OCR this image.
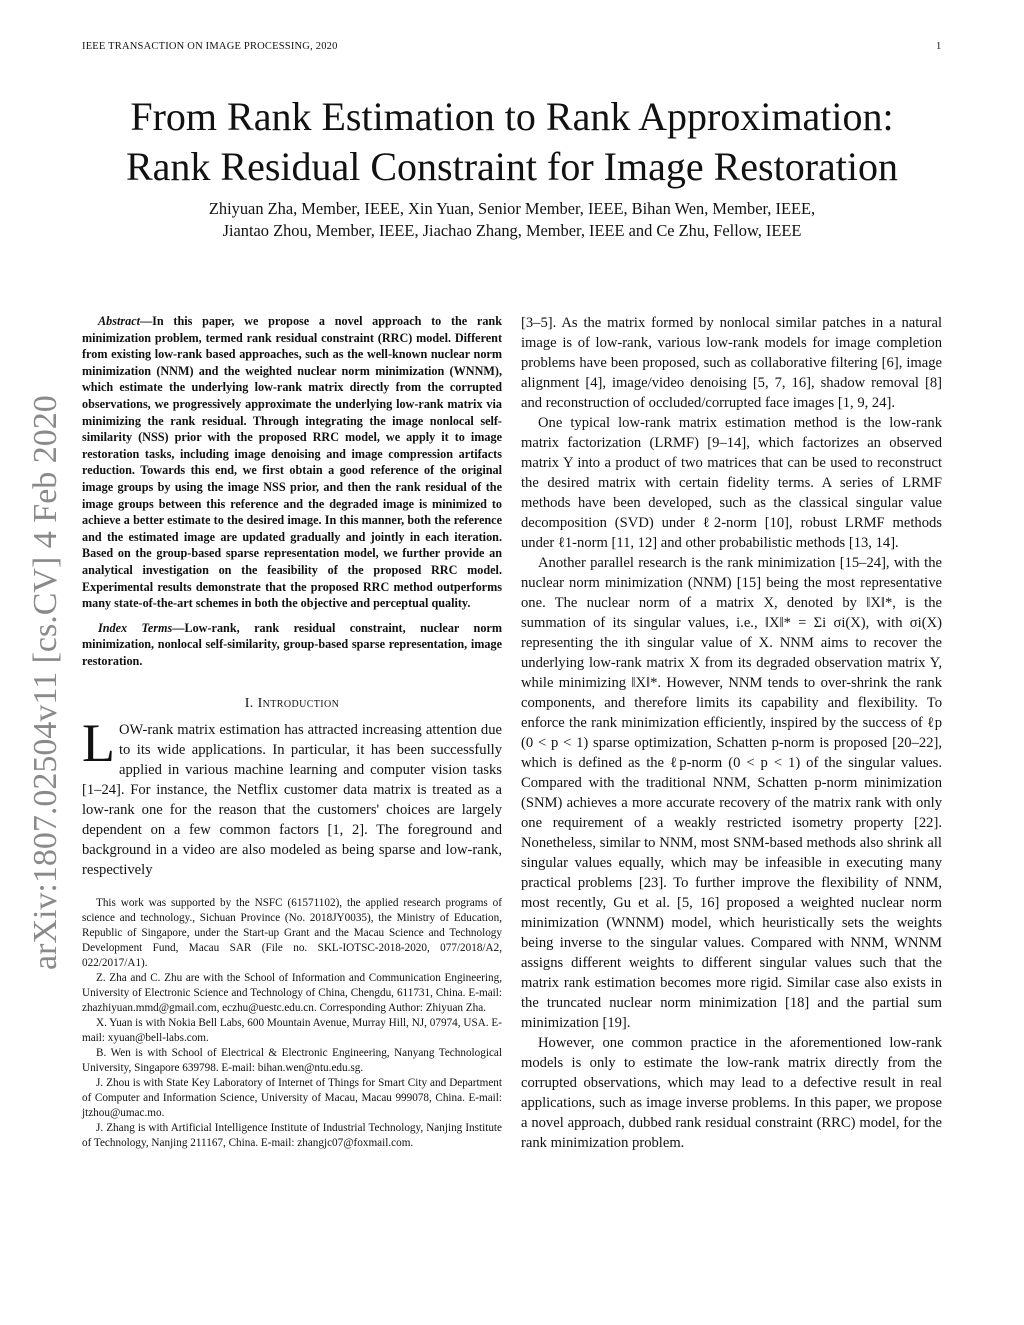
IEEE TRANSACTION ON IMAGE PROCESSING, 2020	1
arXiv:1807.02504v11 [cs.CV] 4 Feb 2020
From Rank Estimation to Rank Approximation:
Rank Residual Constraint for Image Restoration

Zhiyuan Zha, Member, IEEE, Xin Yuan, Senior Member, IEEE, Bihan Wen, Member, IEEE,

Jiantao Zhou, Member, IEEE, Jiachao Zhang, Member, IEEE and Ce Zhu, Fellow, IEEE

Abstract—In this paper, we propose a novel approach to the rank minimization problem, termed rank residual constraint (RRC) model. Different from existing low-rank based approaches, such as the well-known nuclear norm minimization (NNM) and the weighted nuclear norm minimization (WNNM), which estimate the underlying low-rank matrix directly from the corrupted observations, we progressively approximate the underlying low-rank matrix via minimizing the rank residual. Through integrating the image nonlocal self-similarity (NSS) prior with the proposed RRC model, we apply it to image restoration tasks, including image denoising and image compression artifacts reduction. Towards this end, we first obtain a good reference of the original image groups by using the image NSS prior, and then the rank residual of the image groups between this reference and the degraded image is minimized to achieve a better estimate to the desired image. In this manner, both the reference and the estimated image are updated gradually and jointly in each iteration. Based on the group-based sparse representation model, we further provide an analytical investigation on the feasibility of the proposed RRC model. Experimental results demonstrate that the proposed RRC method outperforms many state-of-the-art schemes in both the objective and perceptual quality.

Index Terms—Low-rank, rank residual constraint, nuclear norm minimization, nonlocal self-similarity, group-based sparse representation, image restoration.

I. Introduction

LOW-rank matrix estimation has attracted increasing attention due to its wide applications. In particular, it has been successfully applied in various machine learning and computer vision tasks [1–24]. For instance, the Netflix customer data matrix is treated as a low-rank one for the reason that the customers' choices are largely dependent on a few common factors [1, 2]. The foreground and background in a video are also modeled as being sparse and low-rank, respectively

This work was supported by the NSFC (61571102), the applied research programs of science and technology., Sichuan Province (No. 2018JY0035), the Ministry of Education, Republic of Singapore, under the Start-up Grant and the Macau Science and Technology Development Fund, Macau SAR (File no. SKL-IOTSC-2018-2020, 077/2018/A2, 022/2017/A1).

Z. Zha and C. Zhu are with the School of Information and Communication Engineering, University of Electronic Science and Technology of China, Chengdu, 611731, China. E-mail: zhazhiyuan.mmd@gmail.com, eczhu@uestc.edu.cn. Corresponding Author: Zhiyuan Zha.

X. Yuan is with Nokia Bell Labs, 600 Mountain Avenue, Murray Hill, NJ, 07974, USA. E-mail: xyuan@bell-labs.com.

B. Wen is with School of Electrical & Electronic Engineering, Nanyang Technological University, Singapore 639798. E-mail: bihan.wen@ntu.edu.sg.

J. Zhou is with State Key Laboratory of Internet of Things for Smart City and Department of Computer and Information Science, University of Macau, Macau 999078, China. E-mail: jtzhou@umac.mo.

J. Zhang is with Artificial Intelligence Institute of Industrial Technology, Nanjing Institute of Technology, Nanjing 211167, China. E-mail: zhangjc07@foxmail.com.

[3–5]. As the matrix formed by nonlocal similar patches in a natural image is of low-rank, various low-rank models for image completion problems have been proposed, such as collaborative filtering [6], image alignment [4], image/video denoising [5, 7, 16], shadow removal [8] and reconstruction of occluded/corrupted face images [1, 9, 24].

One typical low-rank matrix estimation method is the low-rank matrix factorization (LRMF) [9–14], which factorizes an observed matrix Y into a product of two matrices that can be used to reconstruct the desired matrix with certain fidelity terms. A series of LRMF methods have been developed, such as the classical singular value decomposition (SVD) under ℓ2-norm [10], robust LRMF methods under ℓ1-norm [11, 12] and other probabilistic methods [13, 14].

Another parallel research is the rank minimization [15–24], with the nuclear norm minimization (NNM) [15] being the most representative one. The nuclear norm of a matrix X, denoted by ‖X‖*, is the summation of its singular values, i.e., ‖X‖* = Σi σi(X), with σi(X) representing the ith singular value of X. NNM aims to recover the underlying low-rank matrix X from its degraded observation matrix Y, while minimizing ‖X‖*. However, NNM tends to over-shrink the rank components, and therefore limits its capability and flexibility. To enforce the rank minimization efficiently, inspired by the success of ℓp (0 < p < 1) sparse optimization, Schatten p-norm is proposed [20–22], which is defined as the ℓp-norm (0 < p < 1) of the singular values. Compared with the traditional NNM, Schatten p-norm minimization (SNM) achieves a more accurate recovery of the matrix rank with only one requirement of a weakly restricted isometry property [22]. Nonetheless, similar to NNM, most SNM-based methods also shrink all singular values equally, which may be infeasible in executing many practical problems [23]. To further improve the flexibility of NNM, most recently, Gu et al. [5, 16] proposed a weighted nuclear norm minimization (WNNM) model, which heuristically sets the weights being inverse to the singular values. Compared with NNM, WNNM assigns different weights to different singular values such that the matrix rank estimation becomes more rigid. Similar case also exists in the truncated nuclear norm minimization [18] and the partial sum minimization [19].

However, one common practice in the aforementioned low-rank models is only to estimate the low-rank matrix directly from the corrupted observations, which may lead to a defective result in real applications, such as image inverse problems. In this paper, we propose a novel approach, dubbed rank residual constraint (RRC) model, for the rank minimization problem.
